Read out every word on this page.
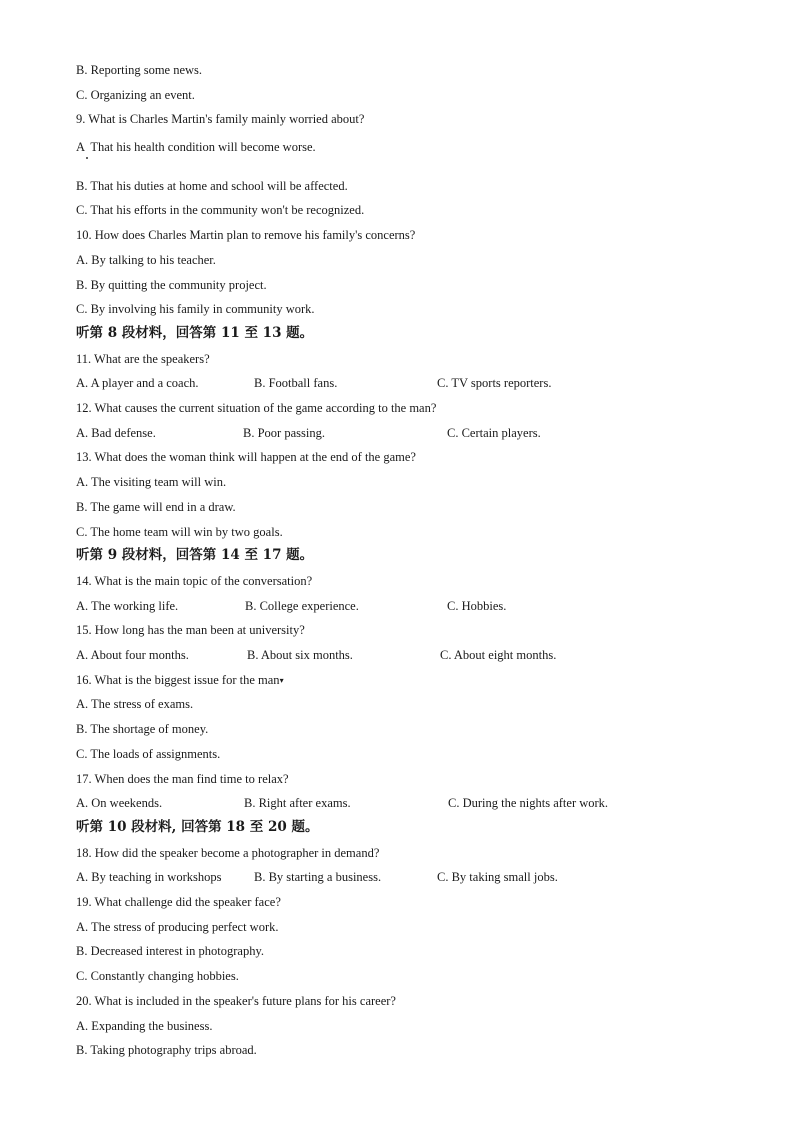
B. Reporting some news.
C. Organizing an event.
9. What is Charles Martin's family mainly worried about?
A  That his health condition will become worse.
B. That his duties at home and school will be affected.
C. That his efforts in the community won't be recognized.
10. How does Charles Martin plan to remove his family's concerns?
A. By talking to his teacher.
B. By quitting the community project.
C. By involving his family in community work.
听第 8 段材料，回答第 11 至 13 题。
11. What are the speakers?
A. A player and a coach.	B. Football fans.	C. TV sports reporters.
12. What causes the current situation of the game according to the man?
A. Bad defense.	B. Poor passing.	C. Certain players.
13. What does the woman think will happen at the end of the game?
A. The visiting team will win.
B. The game will end in a draw.
C. The home team will win by two goals.
听第 9 段材料，回答第 14 至 17 题。
14. What is the main topic of the conversation?
A. The working life.	B. College experience.	C. Hobbies.
15. How long has the man been at university?
A. About four months.	B. About six months.	C. About eight months.
16. What is the biggest issue for the man▾
A. The stress of exams.
B. The shortage of money.
C. The loads of assignments.
17. When does the man find time to relax?
A. On weekends.	B. Right after exams.	C. During the nights after work.
听第 10 段材料, 回答第 18 至 20 题。
18. How did the speaker become a photographer in demand?
A. By teaching in workshops	B. By starting a business.	C. By taking small jobs.
19. What challenge did the speaker face?
A. The stress of producing perfect work.
B. Decreased interest in photography.
C. Constantly changing hobbies.
20. What is included in the speaker's future plans for his career?
A. Expanding the business.
B. Taking photography trips abroad.
